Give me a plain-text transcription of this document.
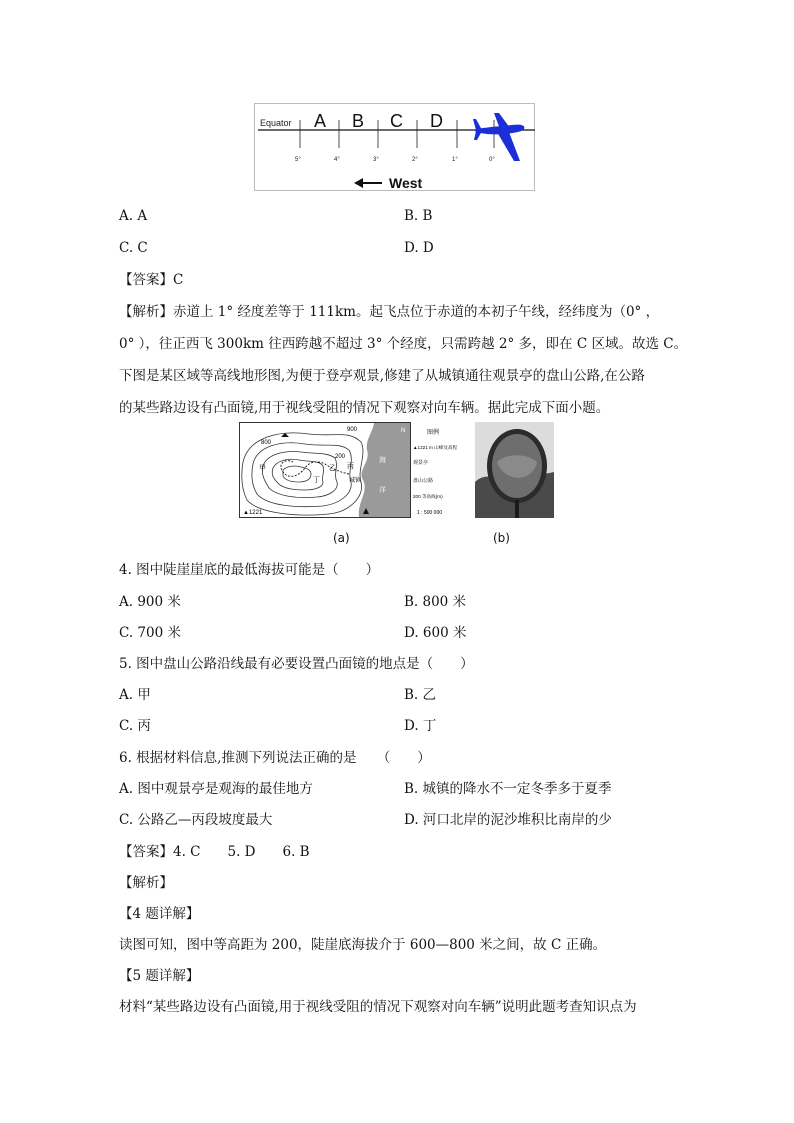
Equator A B C D
5°	4°	3°	2°	1°	0°
West
A. A	B. B
C. C	D. D
【答案】C
【解析】赤道上 1° 经度差等于 111km。起飞点位于赤道的本初子午线，经纬度为（0° ，
0° ），往正西飞 300km 往西跨越不超过 3° 个经度，只需跨越 2° 多，即在 C 区域。故选 C。
下图是某区域等高线地形图,为便于登亭观景,修建了从城镇通往观景亭的盘山公路,在公路
的某些路边设有凸面镜,用于视线受阻的情况下观察对向车辆。据此完成下面小题。
800
900
200
甲	乙 丙
丁	城镇
▲1221
海
洋
N	图例
▲1221 m 山峰及高程
观景亭
盘山公路
200 等高线(m)
1 : 500 000
(a)	(b)
4. 图中陡崖崖底的最低海拔可能是（　　）
A. 900 米	B. 800 米
C. 700 米	D. 600 米
5. 图中盘山公路沿线最有必要设置凸面镜的地点是（　　）
A. 甲	B. 乙
C. 丙	D. 丁
6. 根据材料信息,推测下列说法正确的是　　（　　）
A. 图中观景亭是观海的最佳地方	B. 城镇的降水不一定冬季多于夏季
C. 公路乙—丙段坡度最大	D. 河口北岸的泥沙堆积比南岸的少
【答案】4. C　　5. D　　6. B
【解析】
【4 题详解】
读图可知，图中等高距为 200，陡崖底海拔介于 600—800 米之间，故 C 正确。
【5 题详解】
材料“某些路边设有凸面镜,用于视线受阻的情况下观察对向车辆”说明此题考查知识点为
